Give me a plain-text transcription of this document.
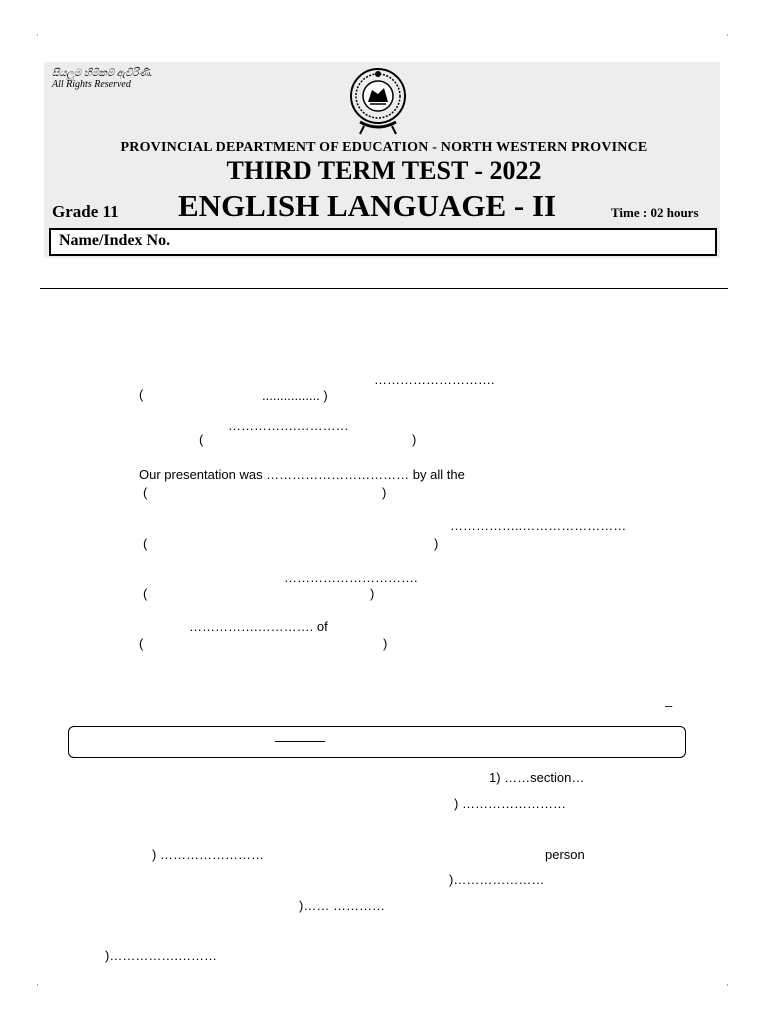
·	·
·	·
සියලුම හිමිකම් ඇවිරිණි.
All Rights Reserved
PROVINCIAL DEPARTMENT OF EDUCATION - NORTH WESTERN PROVINCE
THIRD TERM TEST - 2022
Grade 11 ENGLISH LANGUAGE - II	Time : 02 hours
Name/Index No.
……………………….
(	................ )
…………….…………
(	)
Our presentation was …………………………… by all the
(	)
……………..……………………
(	)
………………………….
(	)
…………….…………. of
(	)
–
1) ……section…
) ……………………
) ……………………	person
)…………………
)…… …………
)…………….………
